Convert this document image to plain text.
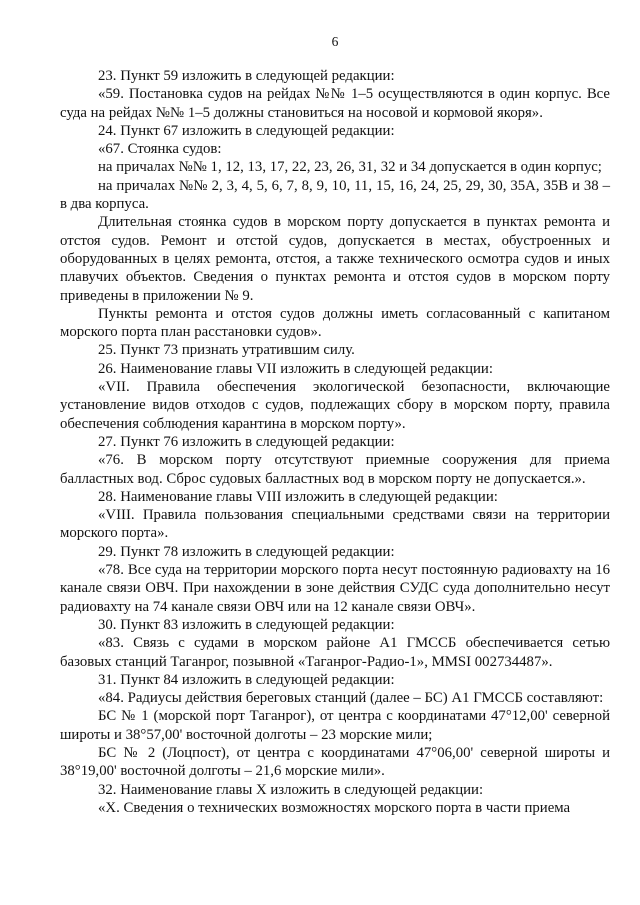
6

23. Пункт 59 изложить в следующей редакции:

«59. Постановка судов на рейдах №№ 1–5 осуществляются в один корпус. Все суда на рейдах №№ 1–5 должны становиться на носовой и кормовой якоря».

24. Пункт 67 изложить в следующей редакции:

«67. Стоянка судов:

на причалах №№ 1, 12, 13, 17, 22, 23, 26, 31, 32 и 34 допускается в один корпус;

на причалах №№ 2, 3, 4, 5, 6, 7, 8, 9, 10, 11, 15, 16, 24, 25, 29, 30, 35А, 35В и 38 – в два корпуса.

Длительная стоянка судов в морском порту допускается в пунктах ремонта и отстоя судов. Ремонт и отстой судов, допускается в местах, обустроенных и оборудованных в целях ремонта, отстоя, а также технического осмотра судов и иных плавучих объектов. Сведения о пунктах ремонта и отстоя судов в морском порту приведены в приложении № 9.

Пункты ремонта и отстоя судов должны иметь согласованный с капитаном морского порта план расстановки судов».

25. Пункт 73 признать утратившим силу.

26. Наименование главы VII изложить в следующей редакции:

«VII. Правила обеспечения экологической безопасности, включающие установление видов отходов с судов, подлежащих сбору в морском порту, правила обеспечения соблюдения карантина в морском порту».

27. Пункт 76 изложить в следующей редакции:

«76. В морском порту отсутствуют приемные сооружения для приема балластных вод. Сброс судовых балластных вод в морском порту не допускается.».

28. Наименование главы VIII изложить в следующей редакции:

«VIII. Правила пользования специальными средствами связи на территории морского порта».

29. Пункт 78 изложить в следующей редакции:

«78. Все суда на территории морского порта несут постоянную радиовахту на 16 канале связи ОВЧ. При нахождении в зоне действия СУДС суда дополнительно несут радиовахту на 74 канале связи ОВЧ или на 12 канале связи ОВЧ».

30. Пункт 83 изложить в следующей редакции:

«83. Связь с судами в морском районе А1 ГМССБ обеспечивается сетью базовых станций Таганрог, позывной «Таганрог-Радио-1», MMSI 002734487».

31. Пункт 84 изложить в следующей редакции:

«84. Радиусы действия береговых станций (далее – БС) А1 ГМССБ составляют:

БС № 1 (морской порт Таганрог), от центра с координатами 47°12,00' северной широты и 38°57,00' восточной долготы – 23 морские мили;

БС № 2 (Лоцпост), от центра с координатами 47°06,00' северной широты и 38°19,00' восточной долготы – 21,6 морские мили».

32. Наименование главы X изложить в следующей редакции:

«X. Сведения о технических возможностях морского порта в части приема
